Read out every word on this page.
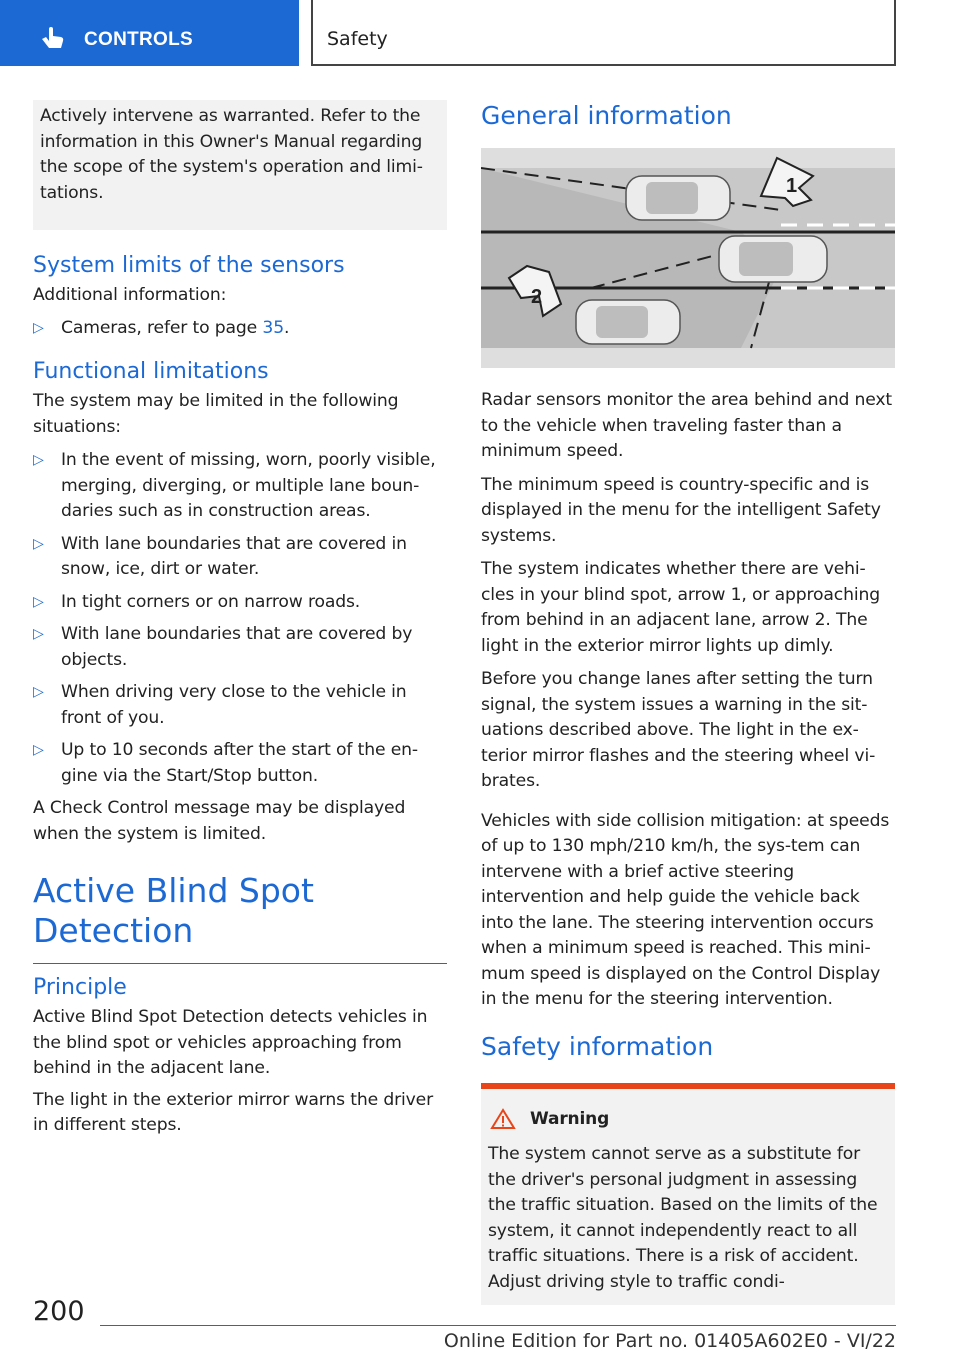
CONTROLS	Safety
Actively intervene as warranted. Refer to the information in this Owner's Manual regarding the scope of the system's operation and limi-tations.
System limits of the sensors

Additional information:

▷ Cameras, refer to page 35.
Functional limitations

The system may be limited in the following situations:

▷ In the event of missing, worn, poorly visible, merging, diverging, or multiple lane boun-daries such as in construction areas.
▷ With lane boundaries that are covered in snow, ice, dirt or water.
▷ In tight corners or on narrow roads.
▷ With lane boundaries that are covered by objects.
▷ When driving very close to the vehicle in front of you.
▷ Up to 10 seconds after the start of the en-gine via the Start/Stop button.

A Check Control message may be displayed when the system is limited.

Active Blind Spot Detection
Principle

Active Blind Spot Detection detects vehicles in the blind spot or vehicles approaching from behind in the adjacent lane.

The light in the exterior mirror warns the driver in different steps.

General information
1
2

Radar sensors monitor the area behind and next to the vehicle when traveling faster than a minimum speed.

The minimum speed is country-specific and is displayed in the menu for the intelligent Safety systems.

The system indicates whether there are vehi-cles in your blind spot, arrow 1, or approaching from behind in an adjacent lane, arrow 2. The light in the exterior mirror lights up dimly.

Before you change lanes after setting the turn signal, the system issues a warning in the sit-uations described above. The light in the ex-terior mirror flashes and the steering wheel vi-brates.

Vehicles with side collision mitigation: at speeds of up to 130 mph/210 km/h, the sys-tem can intervene with a brief active steering intervention and help guide the vehicle back into the lane. The steering intervention occurs when a minimum speed is reached. This mini-mum speed is displayed on the Control Display in the menu for the steering intervention.

Safety information
Warning

The system cannot serve as a substitute for the driver's personal judgment in assessing the traffic situation. Based on the limits of the system, it cannot independently react to all traffic situations. There is a risk of accident. Adjust driving style to traffic condi-

200
Online Edition for Part no. 01405A602E0 - VI/22
